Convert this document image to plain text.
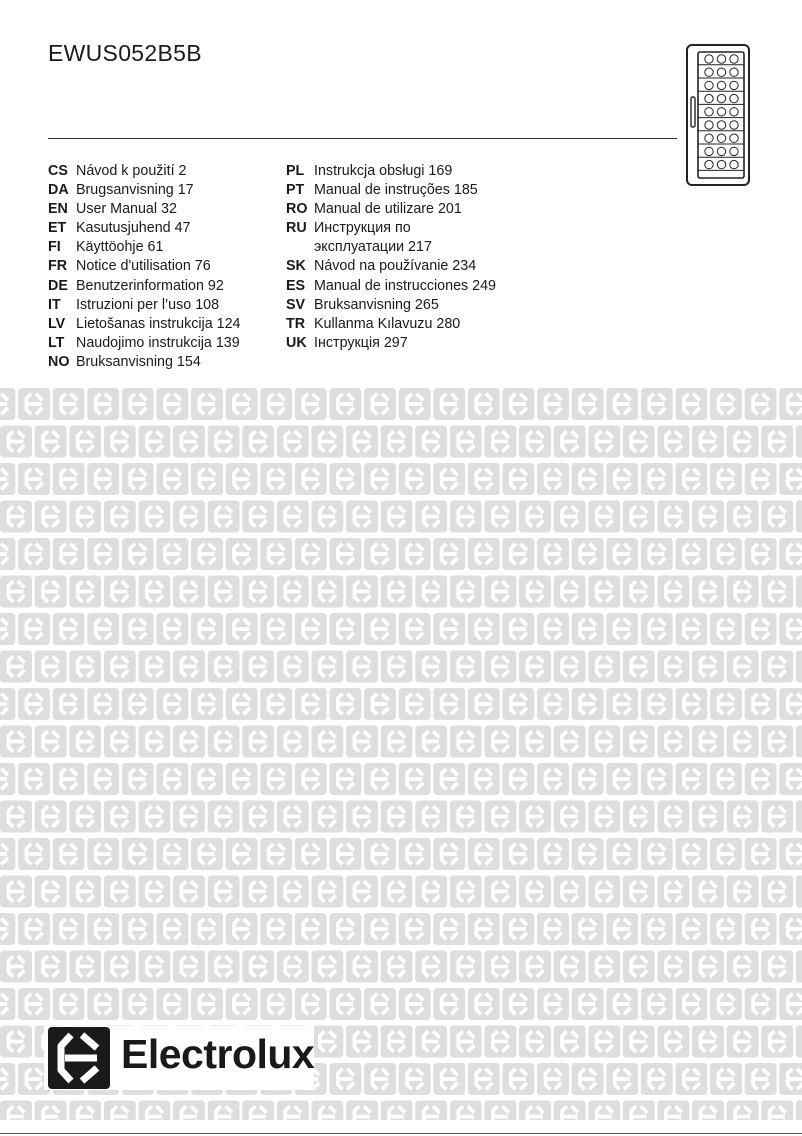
EWUS052B5B
CS Návod k použití 2
DA Brugsanvisning 17
EN User Manual 32
ET Kasutusjuhend 47
FI	Käyttöohje 61
FR Notice d'utilisation 76
DE Benutzerinformation 92
IT	Istruzioni per l’uso 108
LV Lietošanas instrukcija 124
LT Naudojimo instrukcija 139
NO Bruksanvisning 154
PL Instrukcja obsługi 169
PT Manual de instruções 185
RO Manual de utilizare 201
RU Инструкция по
эксплуатации 217
SK Návod na používanie 234
ES Manual de instrucciones 249
SV Bruksanvisning 265
TR Kullanma Kılavuzu 280
UK Інструкція 297
Electrolux
